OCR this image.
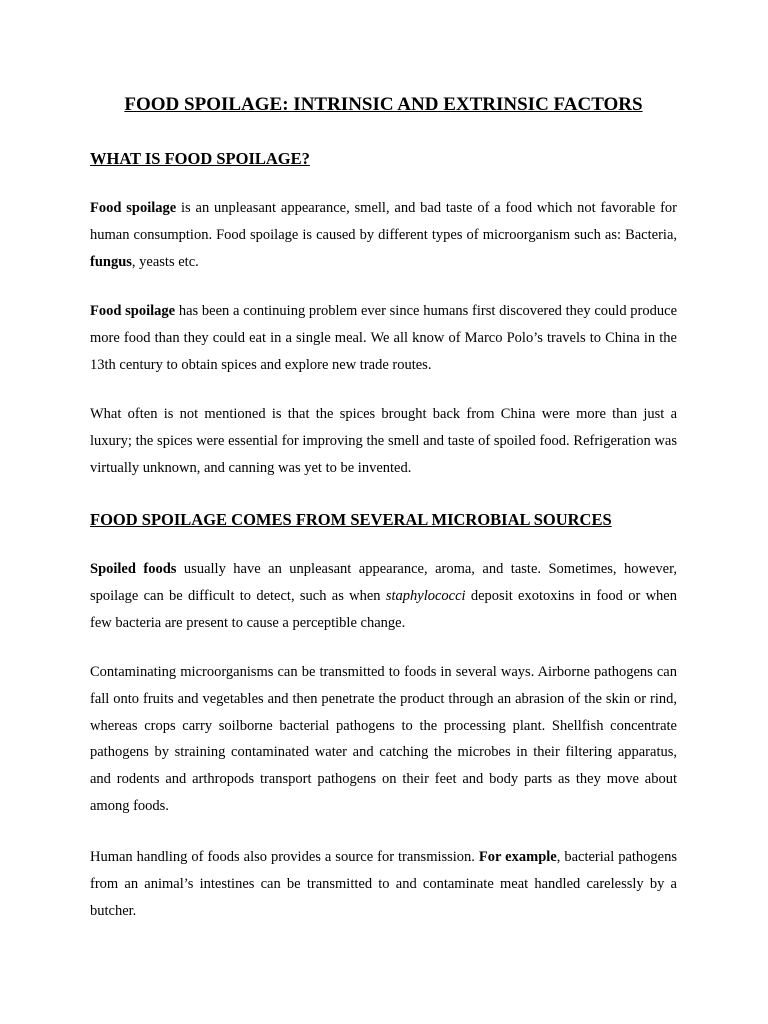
FOOD SPOILAGE: INTRINSIC AND EXTRINSIC FACTORS
WHAT IS FOOD SPOILAGE?

Food spoilage is an unpleasant appearance, smell, and bad taste of a food which not favorable for human consumption. Food spoilage is caused by different types of microorganism such as: Bacteria, fungus, yeasts etc.

Food spoilage has been a continuing problem ever since humans first discovered they could produce more food than they could eat in a single meal. We all know of Marco Polo’s travels to China in the 13th century to obtain spices and explore new trade routes.

What often is not mentioned is that the spices brought back from China were more than just a luxury; the spices were essential for improving the smell and taste of spoiled food. Refrigeration was virtually unknown, and canning was yet to be invented.

FOOD SPOILAGE COMES FROM SEVERAL MICROBIAL SOURCES

Spoiled foods usually have an unpleasant appearance, aroma, and taste. Sometimes, however, spoilage can be difficult to detect, such as when staphylococci deposit exotoxins in food or when few bacteria are present to cause a perceptible change.

Contaminating microorganisms can be transmitted to foods in several ways. Airborne pathogens can fall onto fruits and vegetables and then penetrate the product through an abrasion of the skin or rind, whereas crops carry soilborne bacterial pathogens to the processing plant. Shellfish concentrate pathogens by straining contaminated water and catching the microbes in their filtering apparatus, and rodents and arthropods transport pathogens on their feet and body parts as they move about among foods.

Human handling of foods also provides a source for transmission. For example, bacterial pathogens from an animal’s intestines can be transmitted to and contaminate meat handled carelessly by a butcher.
